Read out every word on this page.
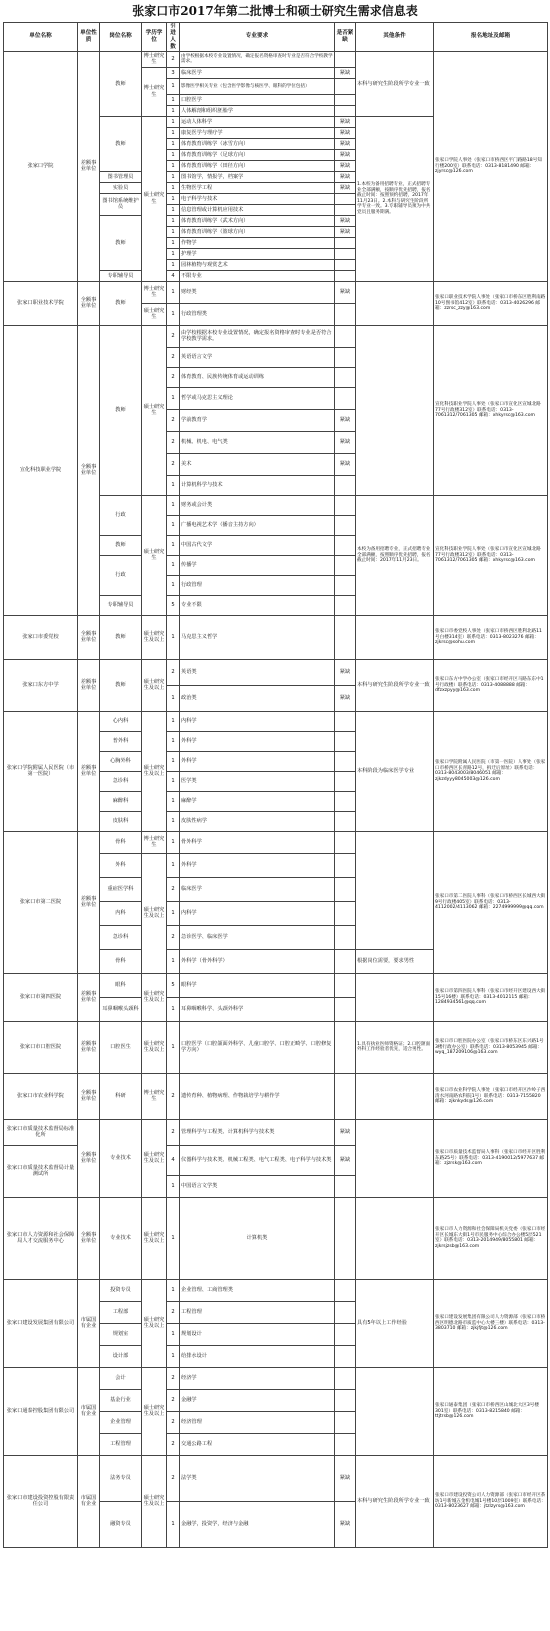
张家口市2017年第二批博士和硕士研究生需求信息表
单位名称	单位性质	岗位名称	学历学位	引进人数	专业要求	是否紧缺	其他条件	报名地址及邮箱
张家口学院	差额事业单位	教师	博士研究生	2	由学校根据本校专业设置情况，确定报名资格审查时专业是否符合学校教学需求。		本科与研究生阶段所学专业一致	张家口学院人事处（张家口市桥西区平门路路18号知行楼200室）联系电话：0313-8181490 邮箱：zjyrsc@126.com
			博士研究生	3	临床医学	紧缺		
				1	影像医学相关专业（包含医学影像与核医学、眼科的学位包括）			
				1	口腔医学			
				1	人体解剖和组织胚胎学			
		教师	硕士研究生	1	运动人体科学	紧缺	1.本校为备用招聘专业，正式招聘专业全部满额，按顺序优先招聘，报名截止时间：按照预约招聘，2017年11月23日。2.本科与研究生阶段所学专业一致。3.专职辅导员须为中共党员且服务期满。	
				1	康复医学与理疗学	紧缺		
				1	体育教育训练学（冰雪方向）	紧缺		
				1	体育教育训练学（足球方向）	紧缺		
				1	体育教育训练学（田径方向）	紧缺		
		图书管理员		1	图书馆学，情报学，档案学	紧缺		
		实验员		1	生物医学工程	紧缺		
		图书馆系统维护员		1	电子科学与技术			
				1	信息管理或计算机应用技术			
		教师		1	体育教育训练学（武术方向）	紧缺		
				1	体育教育训练学（篮球方向）	紧缺		
				1	作物学			
				1	护理学			
				1	园林植物与观赏艺术			
		专职辅导员		4	不限专业			
张家口职业技术学院	全额事业单位	教师	博士研究生	1	财经类	紧缺		张家口职业技术学院人事处（张家口市桥东区胜利南路10号图书馆412室）联系电话：0313-4026296 邮箱：zzrsc_zzy@163.com
			硕士研究生	1	行政管理类			
宣化科技职业学院	全额事业单位	教师	硕士研究生	2	由学校根据本校专业设置情况，确定报名资格审查时专业是否符合学校教学需求。			宣化科技职业学院人事处（张家口市宣化区宣城北路77号行政楼312室）联系电话：0313-7061312/7061305 邮箱：xhkyrsc@163.com
				2	英语语言文学			
				2	体育教育、民族传统体育或运动训练			
				1	哲学或马克思主义理论			
				2	学前教育学	紧缺		
				2	机械、机电、电气类	紧缺		
				2	美术	紧缺		
				1	计算机科学与技术			
		行政	硕士研究生	1	财务或会计类		本校为备用招聘专业，正式招聘专业全部满额，按照顺序优先招聘，报名截止时间：2017年11月23日。	宣化科技职业学院人事处（张家口市宣化区宣城北路77号行政楼312室）联系电话：0313-7061312/7061305 邮箱：xhkyrsc@163.com
				1	广播电视艺术学（播音主持方向）			
		教师		1	中国古代文学			
		行政		1	传播学			
				1	行政管理			
		专职辅导员		5	专业不限			
张家口市委党校	全额事业单位	教师	硕士研究生及以上	1	马克思主义哲学			张家口市委党校人事处（张家口市桥西区胜利北路11号白楼314室）联系电话：0313-8023276 邮箱：zjkrsc@sohu.com
张家口东方中学	差额事业单位	教师	硕士研究生及以上	2	英语类	紧缺	本科与研究生阶段所学专业一致	张家口东方中学办公室（张家口市经开区马路东东中1号行政楼）联系电话：0313-4088888 邮箱：dfzxzpyy@163.com
				1	政治类	紧缺		
张家口学院附属人民医院（市第一医院）	差额事业单位	心内科	硕士研究生及以上	1	内科学		本科阶段为临床医学专业	张家口学院附属人民医院（市第一医院）人事处（张家口市桥西区长青路12号，拆迁后原址）联系电话：0313-8043003/8046051 邮箱：zjkzdyyy8045003@126.com
		普外科		1	外科学			
		心胸外科		1	外科学			
		急诊科		1	医学类			
		麻醉科		1	麻醉学			
		皮肤科		1	皮肤性病学			
张家口市第二医院	差额事业单位	骨科	博士研究生	1	骨外科学			张家口市第二医院人事科（张家口市桥西区长城西大街9号行政楼405室）联系电话：0313-4112002/4113062 邮箱：2274999999@qq.com
		外科	硕士研究生及以上	1	外科学			
		重症医学科		2	临床医学			
		内科		1	内科学			
		急诊科		2	急诊医学、临床医学			
		骨科		1	外科学（骨外科学）		根据岗位需要，要求男性	
张家口市第四医院	差额事业单位	眼科	硕士研究生及以上	5	眼科学			张家口市第四医院人事科（张家口市经开区建设西大街15号16楼）联系电话：0313-4012115 邮箱：1284934561@qq.com
		耳鼻咽喉头颈科		1	耳鼻咽喉科学、头颈外科学			
张家口市口腔医院	差额事业单位	口腔医生	硕士研究生及以上	1	口腔医学（口腔颌面外科学、儿童口腔学、口腔正畸学、口腔修复学方向）		1.具有执业医师资格证；2.口腔颌面外科工作经验者优先，适合男性。	张家口市口腔医院办公室（张家口市桥东区东兴路1号3楼行政办公室）联系电话：0313-8053945 邮箱：wyq_187209106@163.com
张家口市农业科学院	全额事业单位	科研	博士研究生	2	遗传育种、植物病理、作物栽培学与耕作学			张家口市农业科学院人事处（张家口市经开区沙岭子西清水河南路农科院1号）联系电话：0313-7155820 邮箱：zjknkyds@126.com
张家口市质量技术监督局标准化所	全额事业单位	专业技术	硕士研究生及以上	2	管理科学与工程类、计算机科学与技术类	紧缺		张家口市质量技术监督局人事科（张家口市经开区胜利东路25号）联系电话：0313-4190012/5977637 邮箱：zjzrsk@163.com
张家口市质量技术监督局计量测试所				4	仪器科学与技术类、机械工程类、电气工程类、电子科学与技术类	紧缺		
				1	中国语言文学类			
张家口市人力资源和社会保障局人才交流服务中心	全额事业单位	专业技术	硕士研究生及以上	1	计算机类			张家口市人力资源和社会保障局机关党委（张家口市经开区长城东大街1号市民服务中心综合办公楼5层521室）联系电话：0313-2014949/8055801 邮箱：zjkrsjzsb@163.com
张家口建设发展集团有限公司	市属国有企业	投资专员	硕士研究生及以上	1	企业管理、工商管理类		具有5年以上工作经验	张家口建设发展集团有限公司人力资源部（张家口市桥西区明德北路市质监中心大楼三楼）联系电话：0313-3803710 邮箱：zjkjfjt@126.com
		工程部		2	工程管理			
		规划室		1	规划设计			
		设计部		1	给排水设计			
张家口通泰控股集团有限公司	市属国有企业	会计	硕士研究生及以上	2	经济学			张家口通泰集团（张家口市桥西区山城北大区3号楼301室）联系电话：0313-8215840 邮箱：ttjtrsb@126.com
		基金行业		2	金融学			
		企业管理		2	经济管理			
		工程管理		2	交通公路工程			
张家口市建设投资控股有限责任公司	市属国有企业	法务专员	硕士研究生及以上	2	法学类	紧缺	本科与研究生阶段所学专业一致	张家口市建设投资公司人力资源部（张家口市经开区茶坊1号新城五金机电城1号楼10层1009室）联系电话：0313-8023627 邮箱：jtzlzyrs@163.com
		融资专员		1	金融学，投资学，经济与金融	紧缺		
